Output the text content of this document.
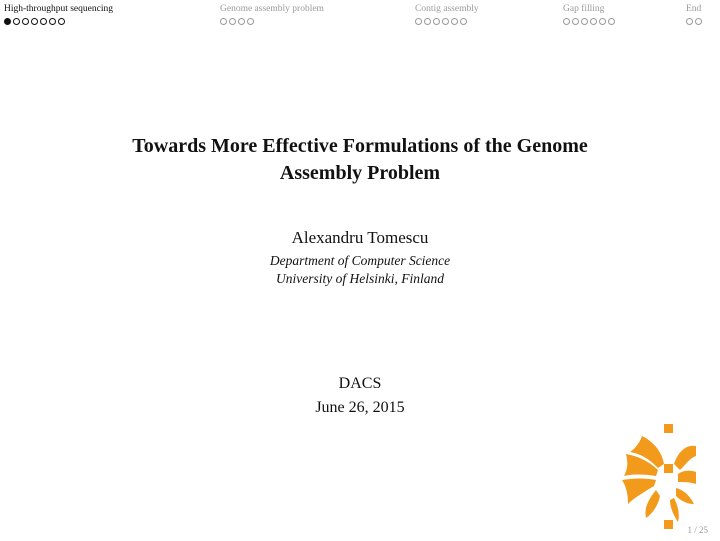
High-throughput sequencing	Genome assembly problem	Contig assembly	Gap filling	End
Towards More Effective Formulations of the Genome
Assembly Problem
Alexandru Tomescu
Department of Computer Science
University of Helsinki, Finland
DACS
June 26, 2015
1 / 25
